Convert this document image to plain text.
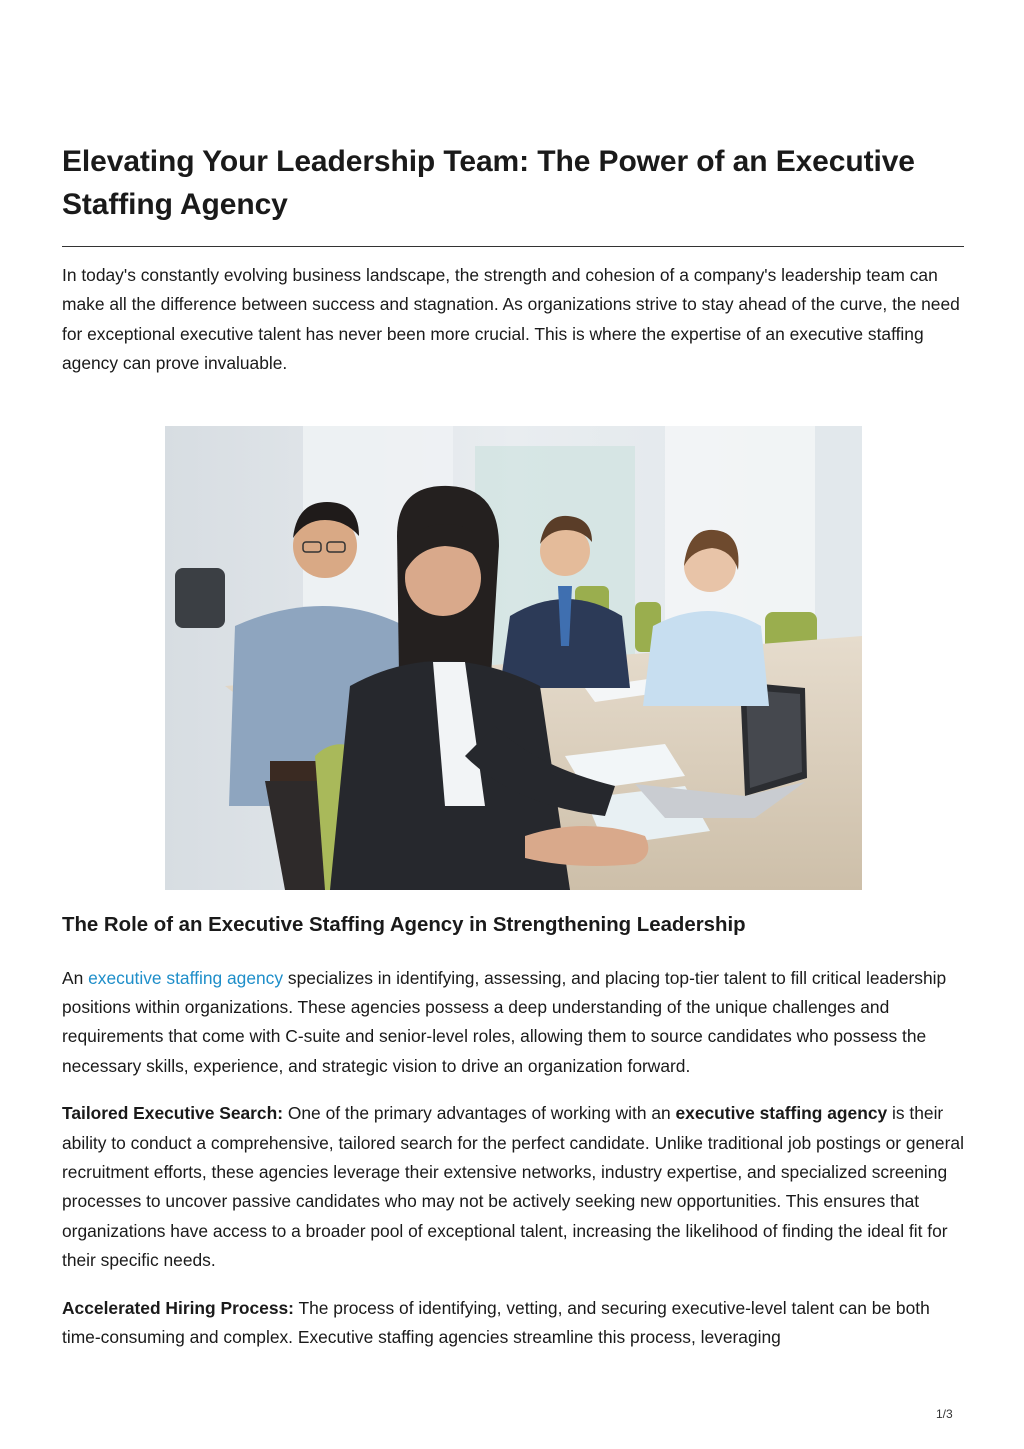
Elevating Your Leadership Team: The Power of an Executive Staffing Agency

In today's constantly evolving business landscape, the strength and cohesion of a company's leadership team can make all the difference between success and stagnation. As organizations strive to stay ahead of the curve, the need for exceptional executive talent has never been more crucial. This is where the expertise of an executive staffing agency can prove invaluable.

The Role of an Executive Staffing Agency in Strengthening Leadership

An executive staffing agency specializes in identifying, assessing, and placing top-tier talent to fill critical leadership positions within organizations. These agencies possess a deep understanding of the unique challenges and requirements that come with C-suite and senior-level roles, allowing them to source candidates who possess the necessary skills, experience, and strategic vision to drive an organization forward.

Tailored Executive Search: One of the primary advantages of working with an executive staffing agency is their ability to conduct a comprehensive, tailored search for the perfect candidate. Unlike traditional job postings or general recruitment efforts, these agencies leverage their extensive networks, industry expertise, and specialized screening processes to uncover passive candidates who may not be actively seeking new opportunities. This ensures that organizations have access to a broader pool of exceptional talent, increasing the likelihood of finding the ideal fit for their specific needs.

Accelerated Hiring Process: The process of identifying, vetting, and securing executive-level talent can be both time-consuming and complex. Executive staffing agencies streamline this process, leveraging

1/3
